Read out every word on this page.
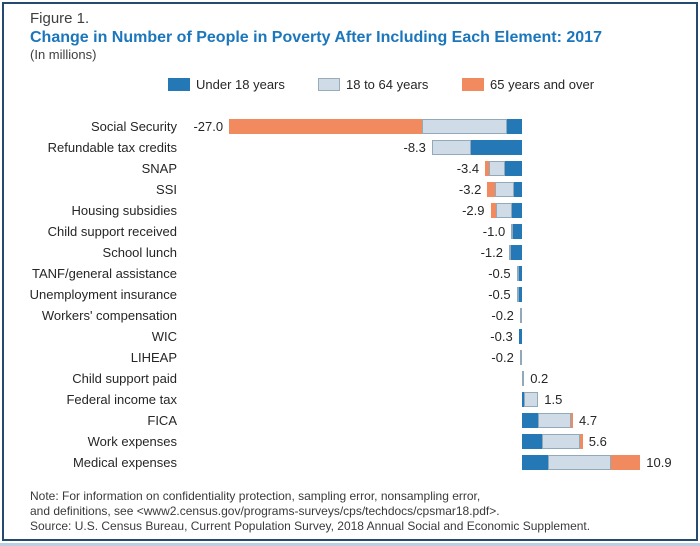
Figure 1.
Change in Number of People in Poverty After Including Each Element: 2017
(In millions)
Under 18 years	18 to 64 years	65 years and over
Social Security -27.0
Refundable tax credits	-8.3
SNAP	-3.4
SSI	-3.2
Housing subsidies	-2.9
Child support received	-1.0
School lunch	-1.2
TANF/general assistance	-0.5
Unemployment insurance	-0.5
Workers' compensation	-0.2
WIC	-0.3
LIHEAP	-0.2
Child support paid	0.2
Federal income tax	1.5
FICA	4.7
Work expenses	5.6
Medical expenses	10.9
Note: For information on confidentiality protection, sampling error, nonsampling error,
and definitions, see <www2.census.gov/programs-surveys/cps/techdocs/cpsmar18.pdf>.
Source: U.S. Census Bureau, Current Population Survey, 2018 Annual Social and Economic Supplement.
